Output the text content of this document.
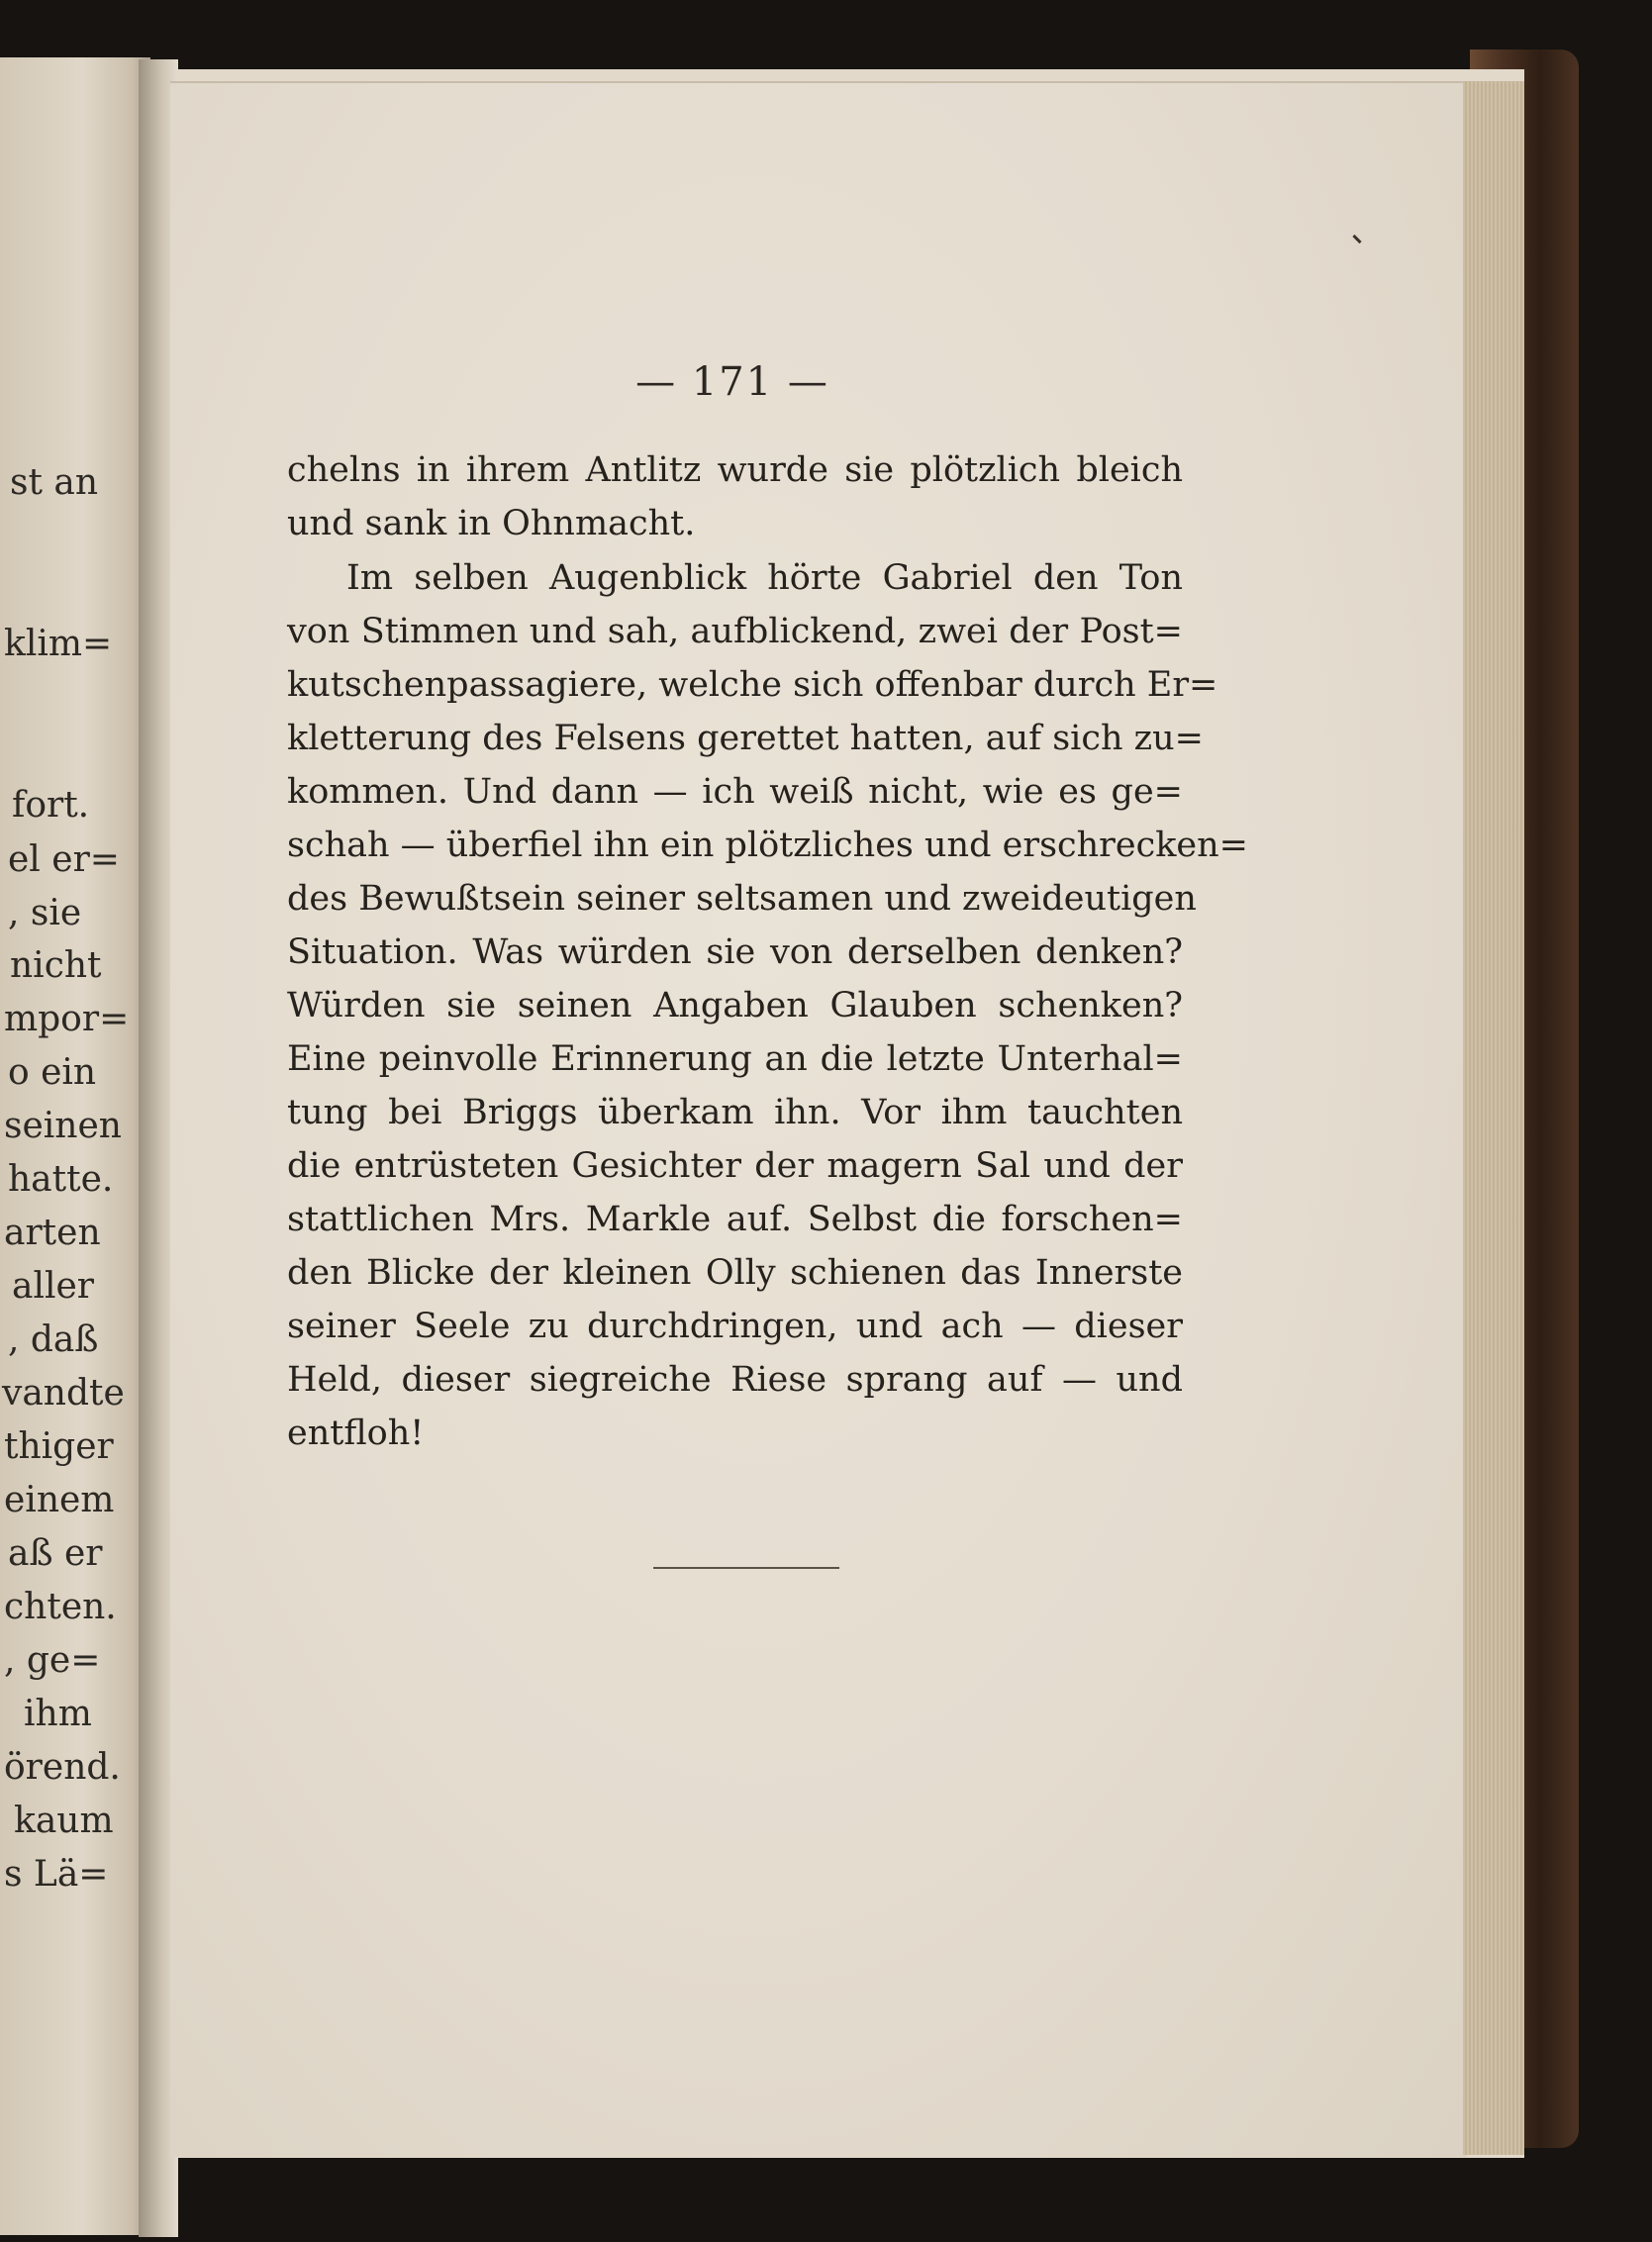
st an
klim=
fort.
el er=
, sie
nicht
mpor=
o ein
seinen
hatte.
arten
aller
, daß
vandte
thiger
einem
aß er
chten.
, ge=
ihm
örend.
kaum
s Lä=
— 171 —
chelns in ihrem Antlitz wurde sie plötzlich bleich
und sank in Ohnmacht.
Im selben Augenblick hörte Gabriel den Ton
von Stimmen und sah, aufblickend, zwei der Post=
kutschenpassagiere, welche sich offenbar durch Er=
kletterung des Felsens gerettet hatten, auf sich zu=
kommen. Und dann — ich weiß nicht, wie es ge=
schah — überfiel ihn ein plötzliches und erschrecken=
des Bewußtsein seiner seltsamen und zweideutigen
Situation. Was würden sie von derselben denken?
Würden sie seinen Angaben Glauben schenken?
Eine peinvolle Erinnerung an die letzte Unterhal=
tung bei Briggs überkam ihn. Vor ihm tauchten
die entrüsteten Gesichter der magern Sal und der
stattlichen Mrs. Markle auf. Selbst die forschen=
den Blicke der kleinen Olly schienen das Innerste
seiner Seele zu durchdringen, und ach — dieser
Held, dieser siegreiche Riese sprang auf — und
entfloh!
